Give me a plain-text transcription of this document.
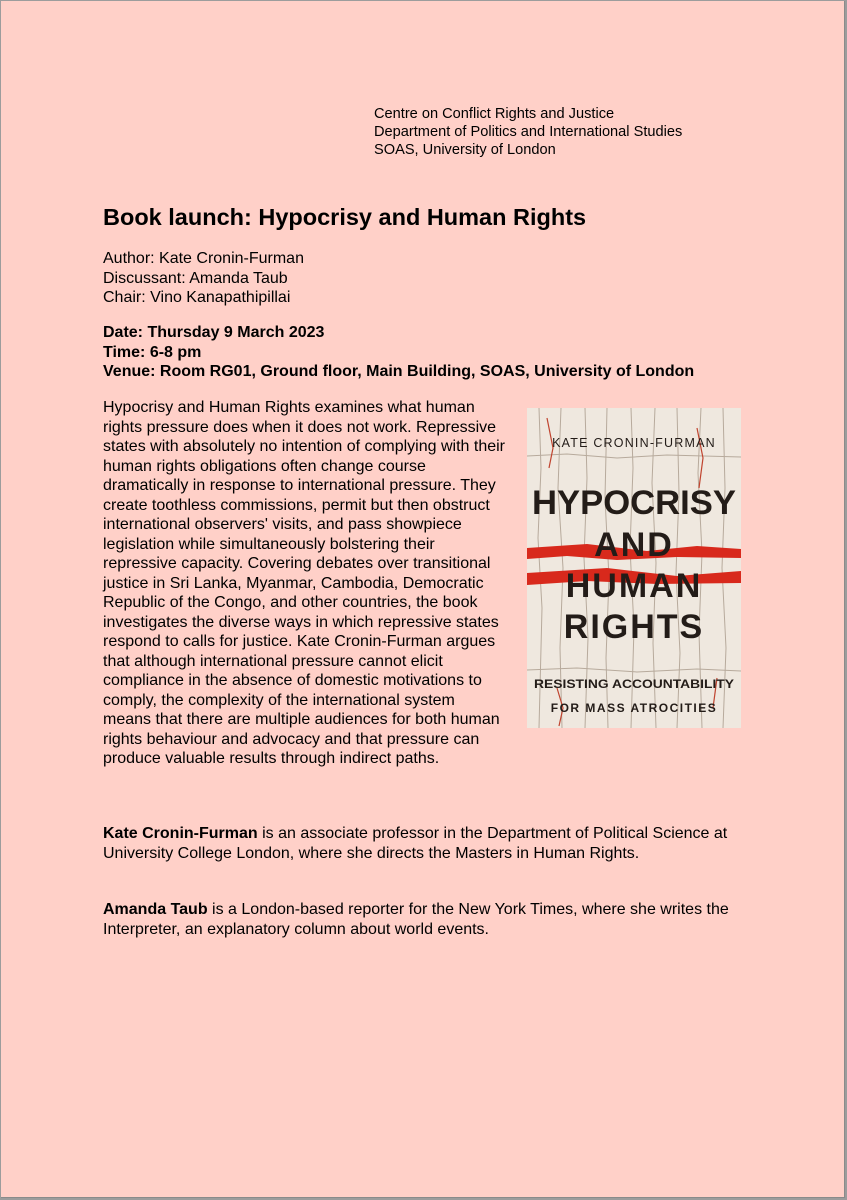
Centre on Conflict Rights and Justice
Department of Politics and International Studies
SOAS, University of London
Book launch: Hypocrisy and Human Rights
Author: Kate Cronin-Furman
Discussant: Amanda Taub
Chair: Vino Kanapathipillai
Date: Thursday 9 March 2023
Time: 6-8 pm
Venue: Room RG01, Ground floor, Main Building, SOAS, University of London
KATE CRONIN-FURMAN
HYPOCRISY
AND
HUMAN
RIGHTS
RESISTING ACCOUNTABILITY
FOR MASS ATROCITIES
Hypocrisy and Human Rights examines what human rights pressure does when it does not work. Repressive states with absolutely no intention of complying with their human rights obligations often change course dramatically in response to international pressure. They create toothless commissions, permit but then obstruct international observers' visits, and pass showpiece legislation while simultaneously bolstering their repressive capacity. Covering debates over transitional justice in Sri Lanka, Myanmar, Cambodia, Democratic Republic of the Congo, and other countries, the book investigates the diverse ways in which repressive states respond to calls for justice. Kate Cronin-Furman argues that although international pressure cannot elicit compliance in the absence of domestic motivations to comply, the complexity of the international system means that there are multiple audiences for both human rights behaviour and advocacy and that pressure can produce valuable results through indirect paths.

Kate Cronin-Furman is an associate professor in the Department of Political Science at University College London, where she directs the Masters in Human Rights.

Amanda Taub is a London-based reporter for the New York Times, where she writes the Interpreter, an explanatory column about world events.
